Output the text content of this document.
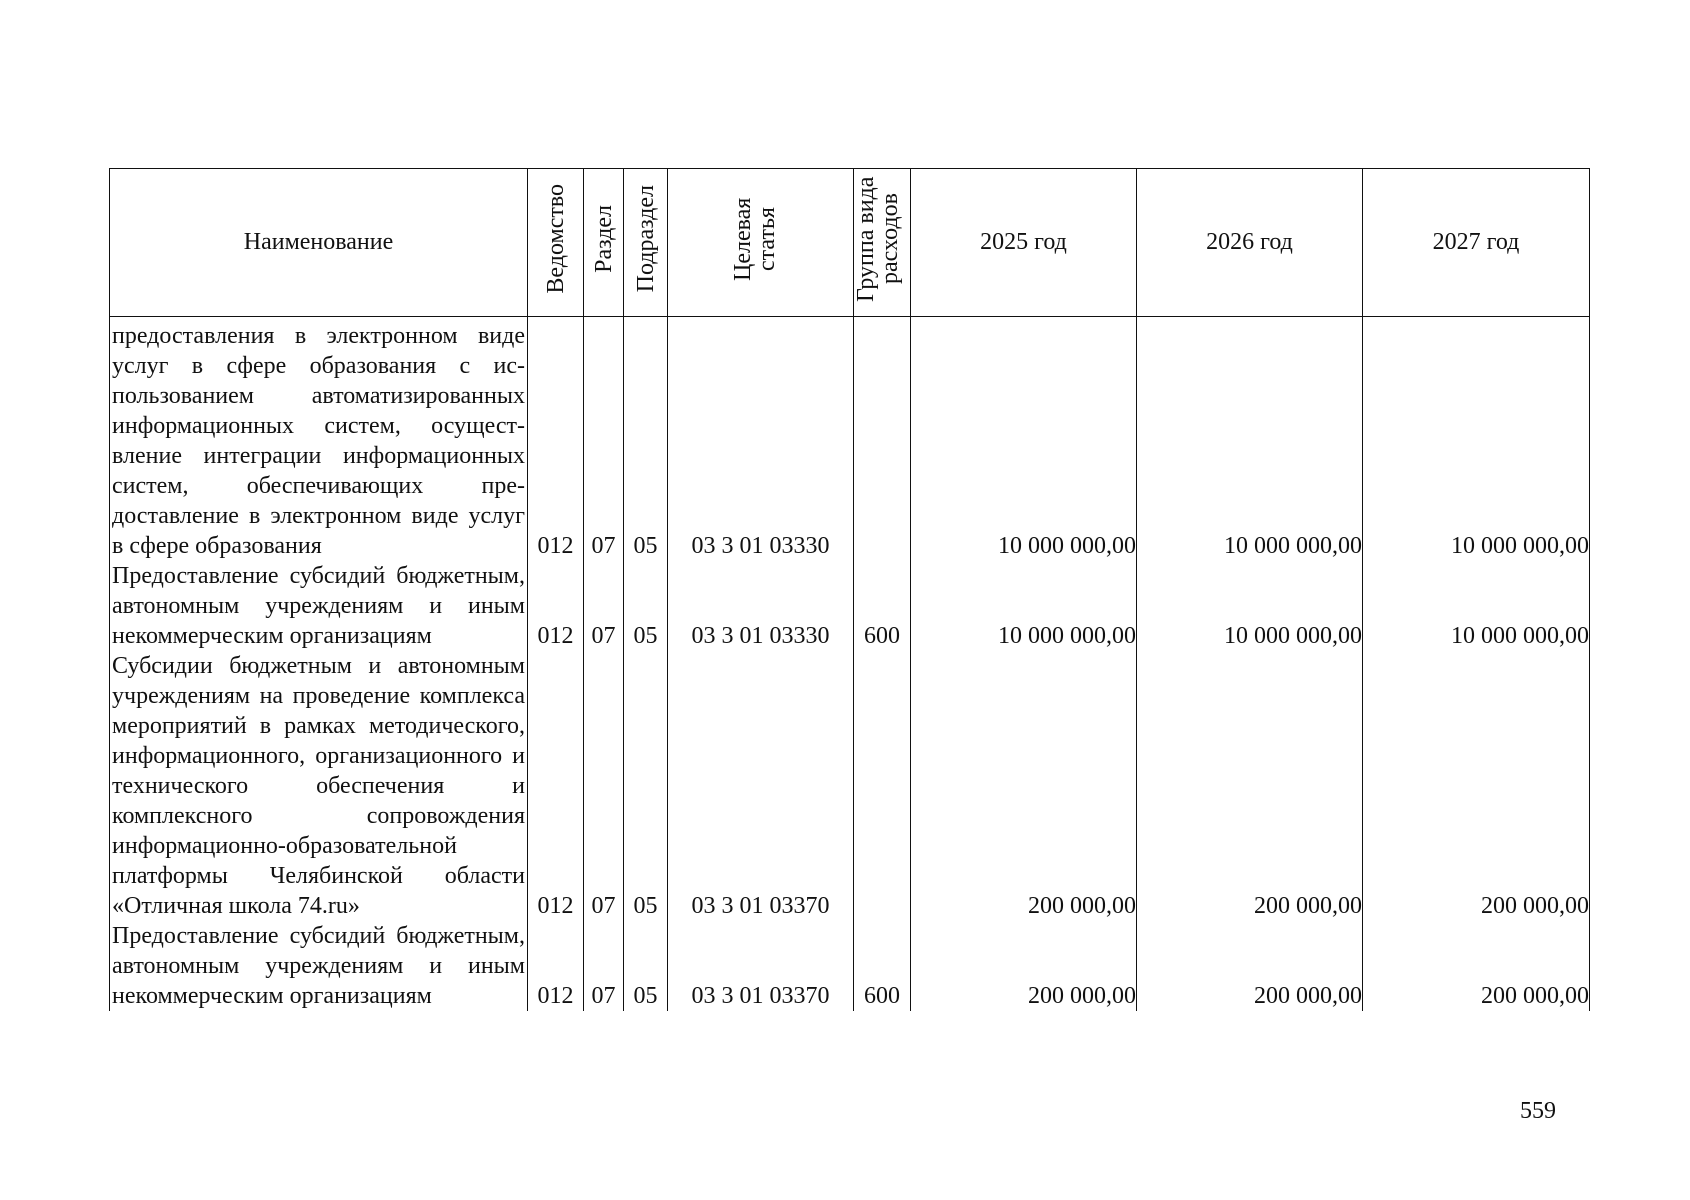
Наименование	Ведомство	Раздел	Подраздел	Целевая статья	Группа вида расходов	2025 год	2026 год	2027 год
предоставления в электронном виде услуг в сфере образования с использованием автоматизированных информационных систем, осуществление интеграции информационных систем, обеспечивающих предоставление в электронном виде услуг в сфере образования	012	07	05	03 3 01 03330		10 000 000,00	10 000 000,00	10 000 000,00
Предоставление субсидий бюджетным, автономным учреждениям и иным некоммерческим организациям	012	07	05	03 3 01 03330	600	10 000 000,00	10 000 000,00	10 000 000,00
Субсидии бюджетным и автономным учреждениям на проведение комплекса мероприятий в рамках методического, информационного, организационного и технического обеспечения и комплексного сопровождения информационно-образовательной платформы Челябинской области «Отличная школа 74.ru»	012	07	05	03 3 01 03370		200 000,00	200 000,00	200 000,00
Предоставление субсидий бюджетным, автономным учреждениям и иным некоммерческим организациям	012	07	05	03 3 01 03370	600	200 000,00	200 000,00	200 000,00
559
